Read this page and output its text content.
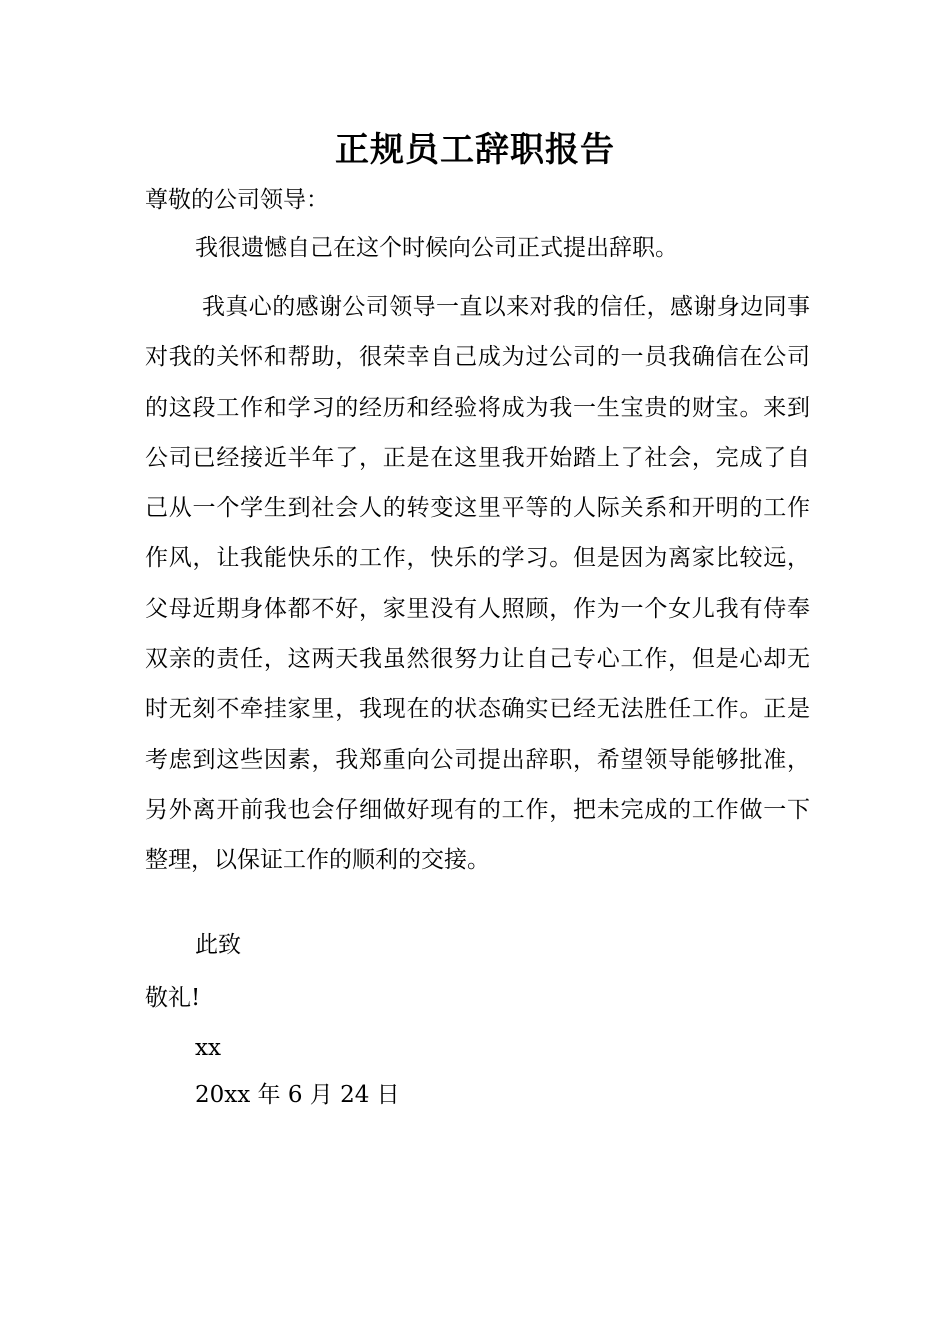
正规员工辞职报告

尊敬的公司领导：

我很遗憾自己在这个时候向公司正式提出辞职。

我真心的感谢公司领导一直以来对我的信任，感谢身边同事对我的关怀和帮助，很荣幸自己成为过公司的一员我确信在公司的这段工作和学习的经历和经验将成为我一生宝贵的财宝。来到公司已经接近半年了，正是在这里我开始踏上了社会，完成了自己从一个学生到社会人的转变这里平等的人际关系和开明的工作作风，让我能快乐的工作，快乐的学习。但是因为离家比较远，父母近期身体都不好，家里没有人照顾，作为一个女儿我有侍奉双亲的责任，这两天我虽然很努力让自己专心工作，但是心却无时无刻不牵挂家里，我现在的状态确实已经无法胜任工作。正是考虑到这些因素，我郑重向公司提出辞职，希望领导能够批准，另外离开前我也会仔细做好现有的工作，把未完成的工作做一下整理，以保证工作的顺利的交接。

此致

敬礼!

xx

20xx 年 6 月 24 日
